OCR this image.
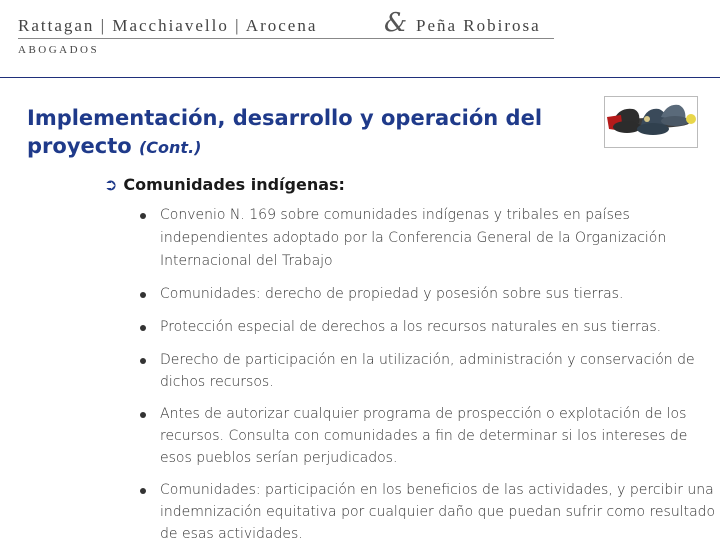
Rattagan | Macchiavello | Arocena	& Peña Robirosa
ABOGADOS
Implementación, desarrollo y operación del proyecto (Cont.)
➲ Comunidades indígenas:
Convenio N. 169 sobre comunidades indígenas y tribales en países independientes adoptado por la Conferencia General de la Organización Internacional del Trabajo
Comunidades: derecho de propiedad y posesión sobre sus tierras.
Protección especial de derechos a los recursos naturales en sus tierras.
Derecho de participación en la utilización, administración y conservación de dichos recursos.
Antes de autorizar cualquier programa de prospección o explotación de los recursos. Consulta con comunidades a fin de determinar si los intereses de esos pueblos serían perjudicados.
Comunidades: participación en los beneficios de las actividades, y percibir una indemnización equitativa por cualquier daño que puedan sufrir como resultado de esas actividades.
